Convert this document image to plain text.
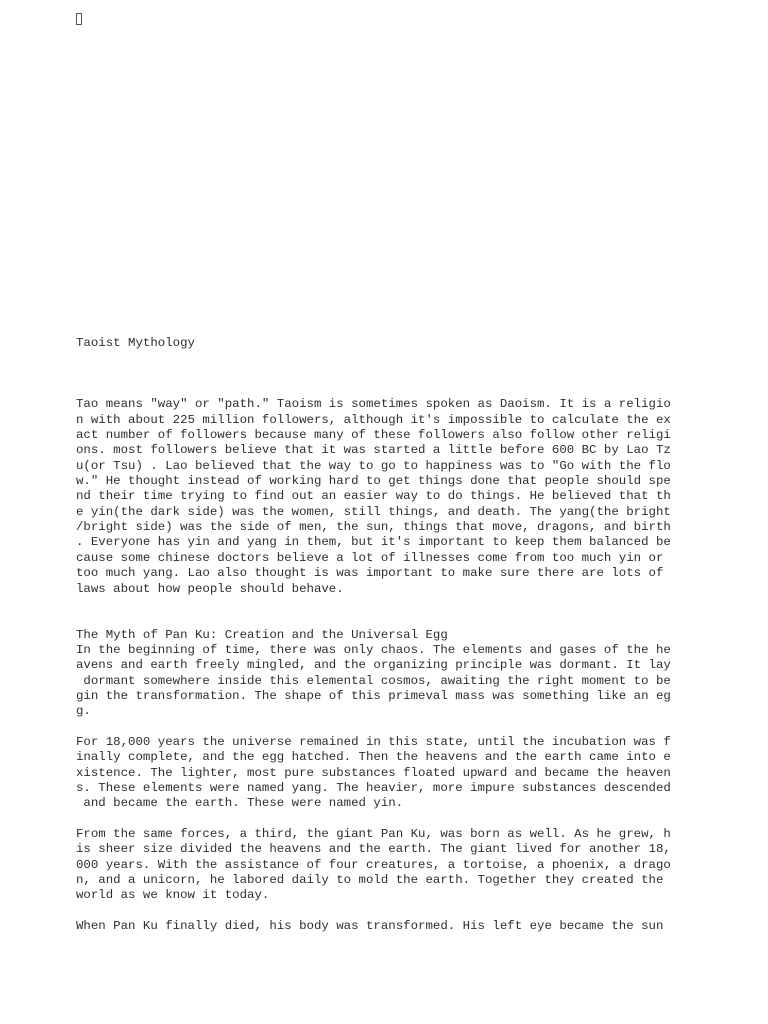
Taoist Mythology
Tao means "way" or "path." Taoism is sometimes spoken as Daoism. It is a religio
n with about 225 million followers, although it's impossible to calculate the ex
act number of followers because many of these followers also follow other religi
ons. most followers believe that it was started a little before 600 BC by Lao Tz
u(or Tsu) . Lao believed that the way to go to happiness was to "Go with the flo
w." He thought instead of working hard to get things done that people should spe
nd their time trying to find out an easier way to do things. He believed that th
e yin(the dark side) was the women, still things, and death. The yang(the bright
/bright side) was the side of men, the sun, things that move, dragons, and birth
. Everyone has yin and yang in them, but it's important to keep them balanced be
cause some chinese doctors believe a lot of illnesses come from too much yin or
too much yang. Lao also thought is was important to make sure there are lots of
laws about how people should behave.
The Myth of Pan Ku: Creation and the Universal Egg
In the beginning of time, there was only chaos. The elements and gases of the he
avens and earth freely mingled, and the organizing principle was dormant. It lay
dormant somewhere inside this elemental cosmos, awaiting the right moment to be
gin the transformation. The shape of this primeval mass was something like an eg
g.
For 18,000 years the universe remained in this state, until the incubation was f
inally complete, and the egg hatched. Then the heavens and the earth came into e
xistence. The lighter, most pure substances floated upward and became the heaven
s. These elements were named yang. The heavier, more impure substances descended
and became the earth. These were named yin.
From the same forces, a third, the giant Pan Ku, was born as well. As he grew, h
is sheer size divided the heavens and the earth. The giant lived for another 18,
000 years. With the assistance of four creatures, a tortoise, a phoenix, a drago
n, and a unicorn, he labored daily to mold the earth. Together they created the
world as we know it today.
When Pan Ku finally died, his body was transformed. His left eye became the sun
